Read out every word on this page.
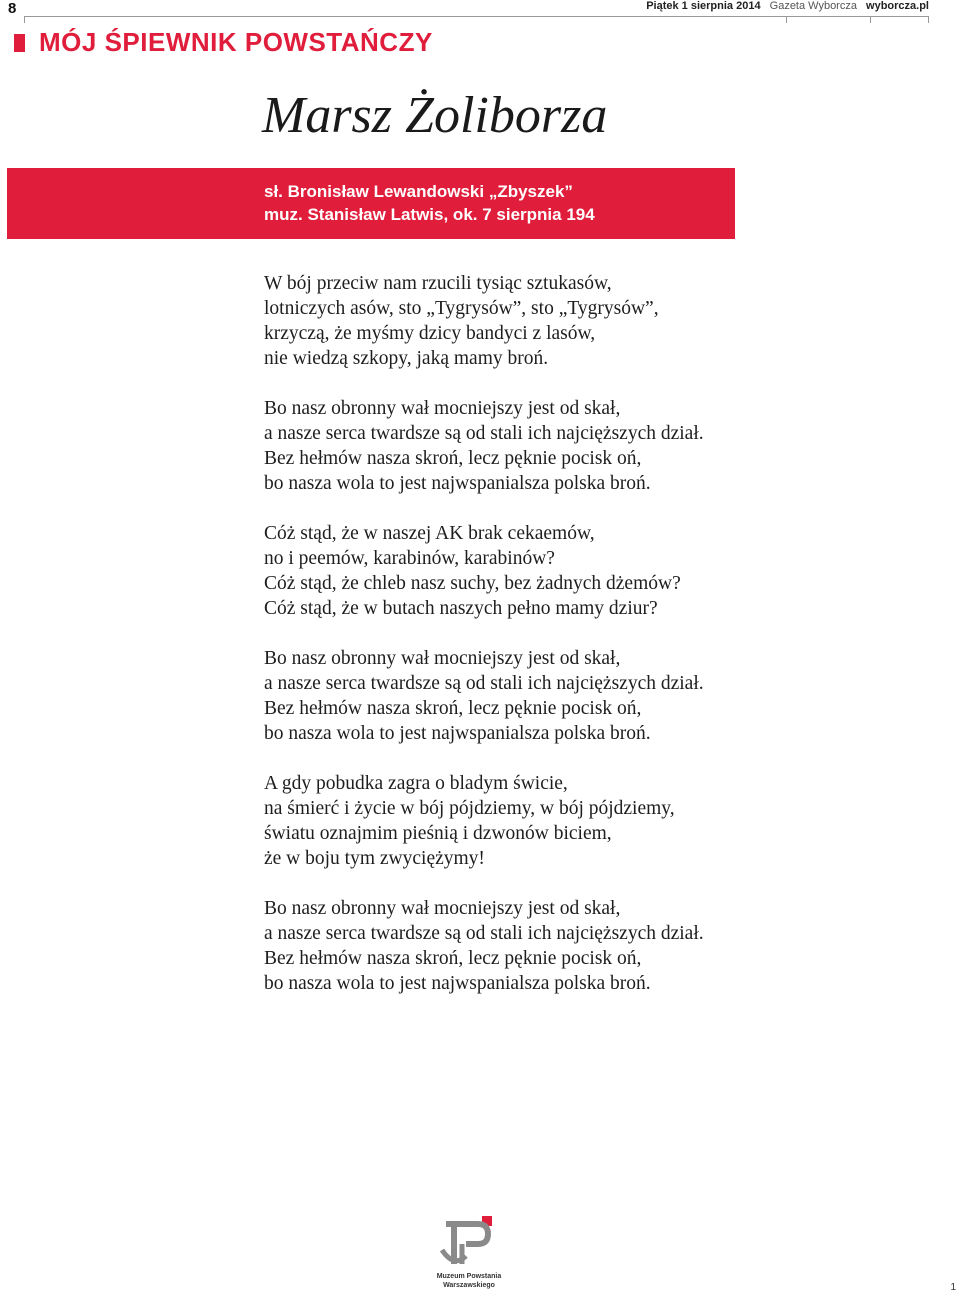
8	Piątek 1 sierpnia 2014 Gazeta Wyborcza wyborcza.pl
MÓJ ŚPIEWNIK POWSTAŃCZY
Marsz Żoliborza
sł. Bronisław Lewandowski „Zbyszek”
muz. Stanisław Latwis, ok. 7 sierpnia 194
W bój przeciw nam rzucili tysiąc sztukasów,
lotniczych asów, sto „Tygrysów”, sto „Tygrysów”,
krzyczą, że myśmy dzicy bandyci z lasów,
nie wiedzą szkopy, jaką mamy broń.
Bo nasz obronny wał mocniejszy jest od skał,
a nasze serca twardsze są od stali ich najcięższych dział.
Bez hełmów nasza skroń, lecz pęknie pocisk oń,
bo nasza wola to jest najwspanialsza polska broń.
Cóż stąd, że w naszej AK brak cekaemów,
no i peemów, karabinów, karabinów?
Cóż stąd, że chleb nasz suchy, bez żadnych dżemów?
Cóż stąd, że w butach naszych pełno mamy dziur?
Bo nasz obronny wał mocniejszy jest od skał,
a nasze serca twardsze są od stali ich najcięższych dział.
Bez hełmów nasza skroń, lecz pęknie pocisk oń,
bo nasza wola to jest najwspanialsza polska broń.
A gdy pobudka zagra o bladym świcie,
na śmierć i życie w bój pójdziemy, w bój pójdziemy,
światu oznajmim pieśnią i dzwonów biciem,
że w boju tym zwyciężymy!
Bo nasz obronny wał mocniejszy jest od skał,
a nasze serca twardsze są od stali ich najcięższych dział.
Bez hełmów nasza skroń, lecz pęknie pocisk oń,
bo nasza wola to jest najwspanialsza polska broń.
Muzeum Powstania
Warszawskiego	1
